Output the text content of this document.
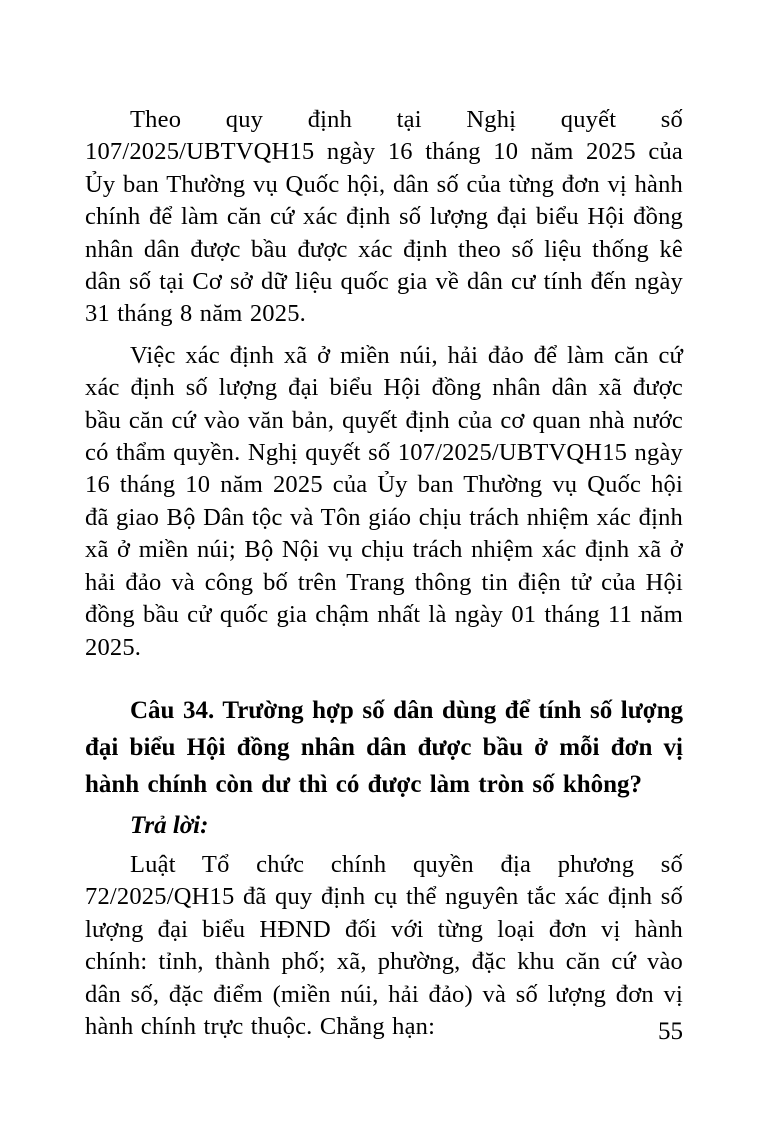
Theo quy định tại Nghị quyết số 107/2025/UBTVQH15 ngày 16 tháng 10 năm 2025 của Ủy ban Thường vụ Quốc hội, dân số của từng đơn vị hành chính để làm căn cứ xác định số lượng đại biểu Hội đồng nhân dân được bầu được xác định theo số liệu thống kê dân số tại Cơ sở dữ liệu quốc gia về dân cư tính đến ngày 31 tháng 8 năm 2025.

Việc xác định xã ở miền núi, hải đảo để làm căn cứ xác định số lượng đại biểu Hội đồng nhân dân xã được bầu căn cứ vào văn bản, quyết định của cơ quan nhà nước có thẩm quyền. Nghị quyết số 107/2025/UBTVQH15 ngày 16 tháng 10 năm 2025 của Ủy ban Thường vụ Quốc hội đã giao Bộ Dân tộc và Tôn giáo chịu trách nhiệm xác định xã ở miền núi; Bộ Nội vụ chịu trách nhiệm xác định xã ở hải đảo và công bố trên Trang thông tin điện tử của Hội đồng bầu cử quốc gia chậm nhất là ngày 01 tháng 11 năm 2025.

Câu 34. Trường hợp số dân dùng để tính số lượng đại biểu Hội đồng nhân dân được bầu ở mỗi đơn vị hành chính còn dư thì có được làm tròn số không?

Trả lời:

Luật Tổ chức chính quyền địa phương số 72/2025/QH15 đã quy định cụ thể nguyên tắc xác định số lượng đại biểu HĐND đối với từng loại đơn vị hành chính: tỉnh, thành phố; xã, phường, đặc khu căn cứ vào dân số, đặc điểm (miền núi, hải đảo) và số lượng đơn vị hành chính trực thuộc. Chẳng hạn:	55
